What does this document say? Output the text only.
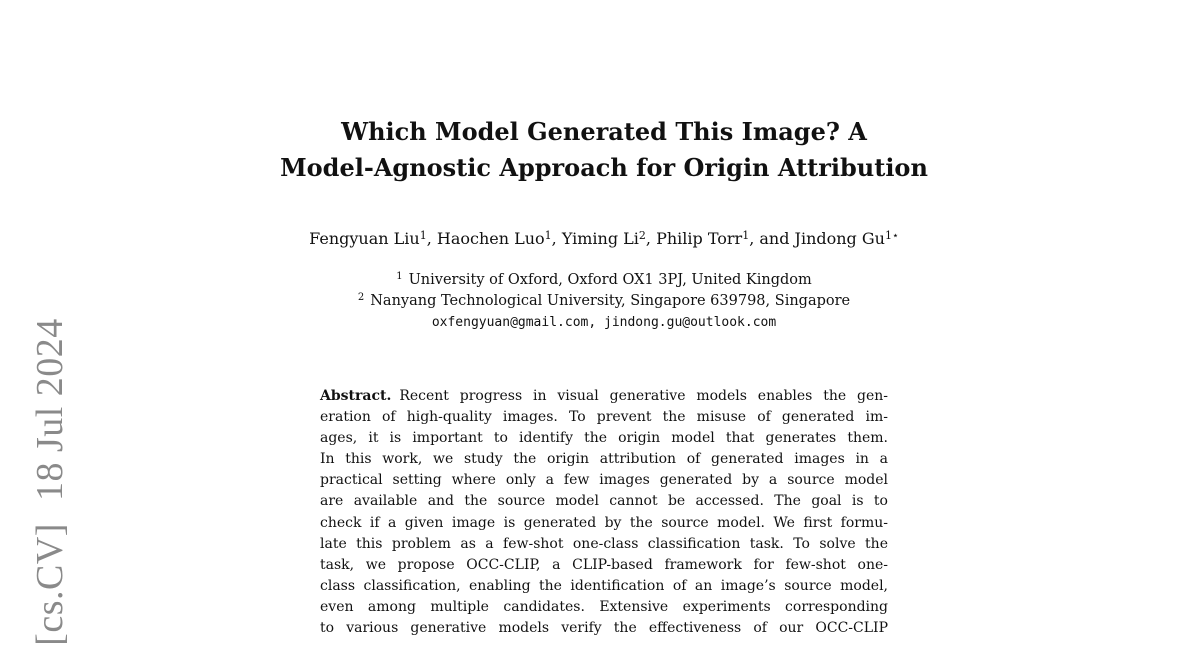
[cs.CV]18 Jul 2024
Which Model Generated This Image? A
Model-Agnostic Approach for Origin Attribution
Fengyuan Liu$^1$, Haochen Luo$^1$, Yiming Li$^2$, Philip Torr$^1$, and Jindong $Gu^{1⋆}$
$^1$ University of Oxford, Oxford OX1 3PJ, United Kingdom
$^2$ Nanyang Technological University, Singapore 639798, Singapore
oxfengyuan@gmail.com, jindong.gu@outlook.com
Abstract. Recent progress in visual generative models enables the gen-
eration of high-quality images. To prevent the misuse of generated im-
ages, it is important to identify the origin model that generates them.
In this work, we study the origin attribution of generated images in a
practical setting where only a few images generated by a source model
are available and the source model cannot be accessed. The goal is to
check if a given image is generated by the source model. We first formu-
late this problem as a few-shot one-class classification task. To solve the
task, we propose OCC-CLIP, a CLIP-based framework for few-shot one-
class classification, enabling the identification of an image’s source model,
even among multiple candidates. Extensive experiments corresponding
to various generative models verify the effectiveness of our OCC-CLIP
